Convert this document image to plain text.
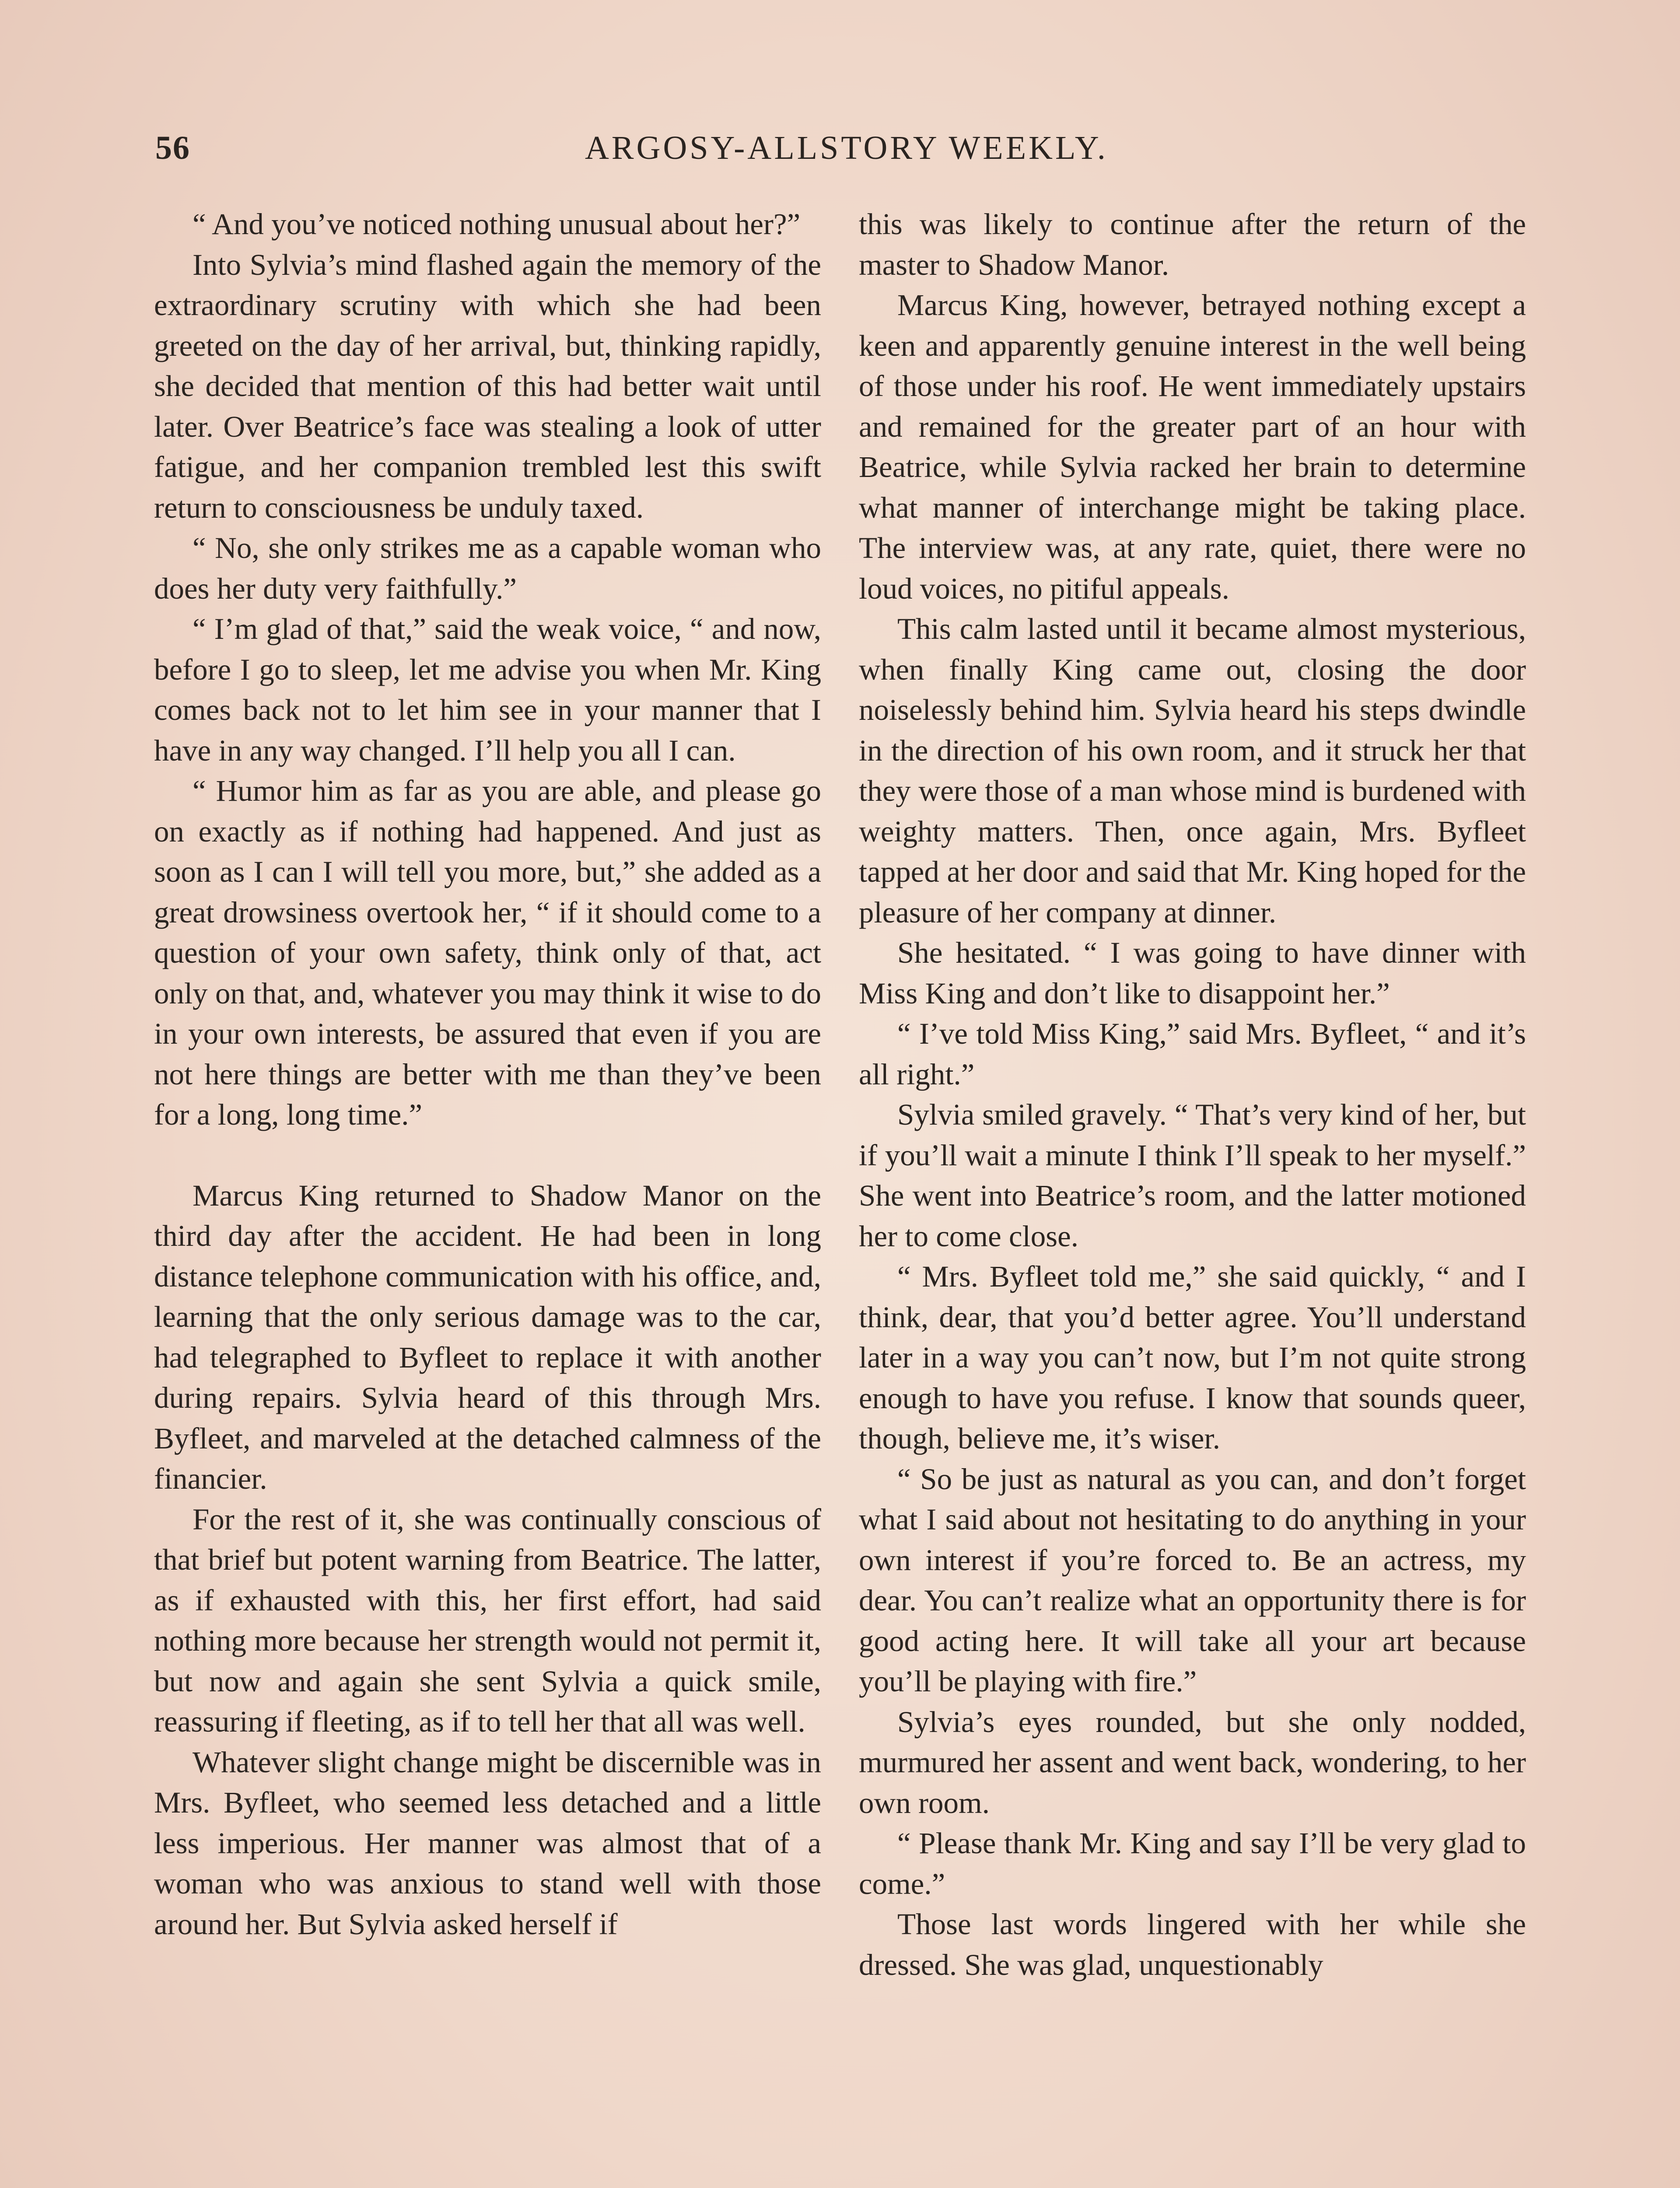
56	ARGOSY-ALLSTORY WEEKLY.

“ And you’ve noticed nothing unusual about her?”

Into Sylvia’s mind flashed again the memory of the extraordinary scrutiny with which she had been greeted on the day of her arrival, but, thinking rapidly, she decided that mention of this had better wait until later. Over Beatrice’s face was stealing a look of utter fatigue, and her companion trembled lest this swift return to consciousness be unduly taxed.

“ No, she only strikes me as a capable woman who does her duty very faithfully.”

“ I’m glad of that,” said the weak voice, “ and now, before I go to sleep, let me advise you when Mr. King comes back not to let him see in your manner that I have in any way changed. I’ll help you all I can.

“ Humor him as far as you are able, and please go on exactly as if nothing had happened. And just as soon as I can I will tell you more, but,” she added as a great drowsiness overtook her, “ if it should come to a question of your own safety, think only of that, act only on that, and, whatever you may think it wise to do in your own interests, be assured that even if you are not here things are better with me than they’ve been for a long, long time.”

Marcus King returned to Shadow Manor on the third day after the accident. He had been in long distance telephone communication with his office, and, learning that the only serious damage was to the car, had telegraphed to Byfleet to replace it with another during repairs. Sylvia heard of this through Mrs. Byfleet, and marveled at the detached calmness of the financier.

For the rest of it, she was continually conscious of that brief but potent warning from Beatrice. The latter, as if exhausted with this, her first effort, had said nothing more because her strength would not permit it, but now and again she sent Sylvia a quick smile, reassuring if fleeting, as if to tell her that all was well.

Whatever slight change might be discernible was in Mrs. Byfleet, who seemed less detached and a little less imperious. Her manner was almost that of a woman who was anxious to stand well with those around her. But Sylvia asked herself if

this was likely to continue after the return of the master to Shadow Manor.

Marcus King, however, betrayed nothing except a keen and apparently genuine interest in the well being of those under his roof. He went immediately upstairs and remained for the greater part of an hour with Beatrice, while Sylvia racked her brain to determine what manner of interchange might be taking place. The interview was, at any rate, quiet, there were no loud voices, no pitiful appeals.

This calm lasted until it became almost mysterious, when finally King came out, closing the door noiselessly behind him. Sylvia heard his steps dwindle in the direction of his own room, and it struck her that they were those of a man whose mind is burdened with weighty matters. Then, once again, Mrs. Byfleet tapped at her door and said that Mr. King hoped for the pleasure of her company at dinner.

She hesitated. “ I was going to have dinner with Miss King and don’t like to disappoint her.”

“ I’ve told Miss King,” said Mrs. Byfleet, “ and it’s all right.”

Sylvia smiled gravely. “ That’s very kind of her, but if you’ll wait a minute I think I’ll speak to her myself.” She went into Beatrice’s room, and the latter motioned her to come close.

“ Mrs. Byfleet told me,” she said quickly, “ and I think, dear, that you’d better agree. You’ll understand later in a way you can’t now, but I’m not quite strong enough to have you refuse. I know that sounds queer, though, believe me, it’s wiser.

“ So be just as natural as you can, and don’t forget what I said about not hesitating to do anything in your own interest if you’re forced to. Be an actress, my dear. You can’t realize what an opportunity there is for good acting here. It will take all your art because you’ll be playing with fire.”

Sylvia’s eyes rounded, but she only nodded, murmured her assent and went back, wondering, to her own room.

“ Please thank Mr. King and say I’ll be very glad to come.”

Those last words lingered with her while she dressed. She was glad, unquestionably
